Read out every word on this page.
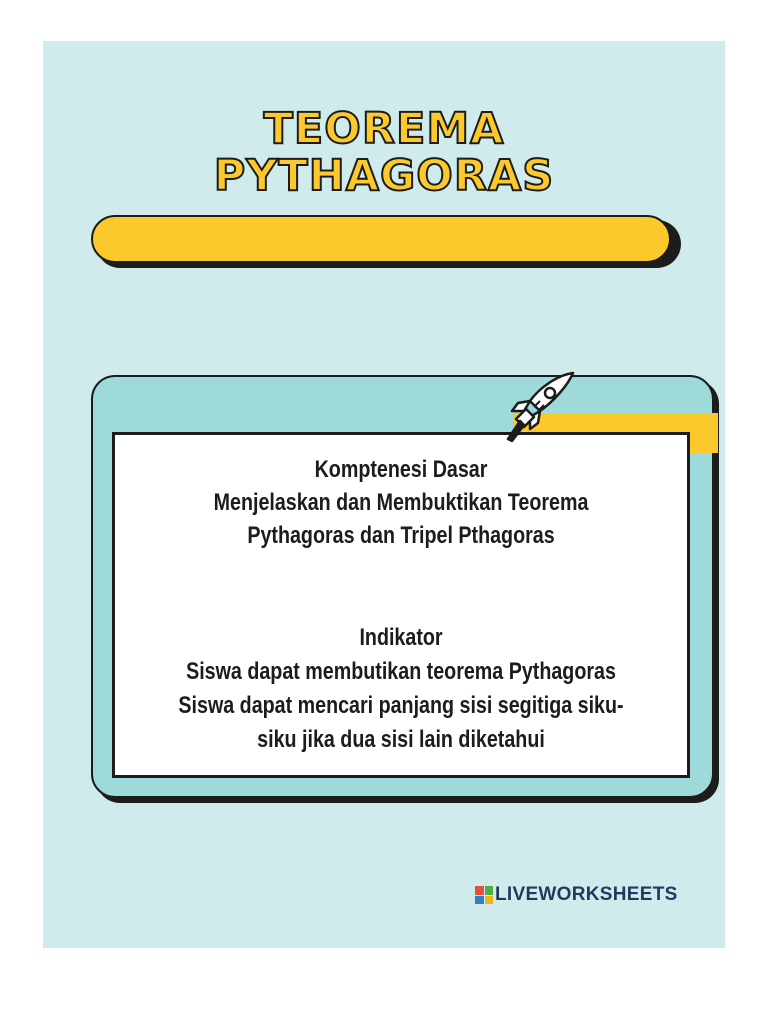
TEOREMA
PYTHAGORAS
Komptenesi Dasar
Menjelaskan dan Membuktikan Teorema
Pythagoras dan Tripel Pthagoras
Indikator
Siswa dapat membutikan teorema Pythagoras
Siswa dapat mencari panjang sisi segitiga siku-
siku jika dua sisi lain diketahui
LIVEWORKSHEETS
